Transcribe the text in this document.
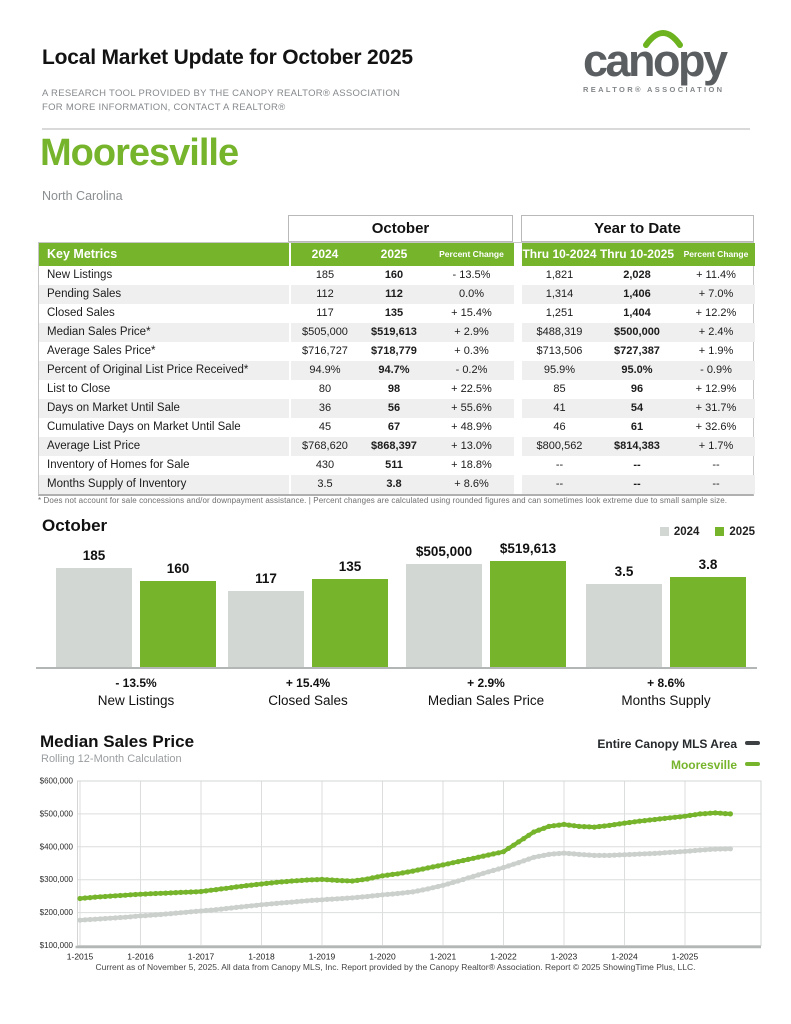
Local Market Update for October 2025
A RESEARCH TOOL PROVIDED BY THE CANOPY REALTOR® ASSOCIATION
FOR MORE INFORMATION, CONTACT A REALTOR®
canopy
REALTOR® ASSOCIATION
Mooresville
North Carolina
October	Year to Date
Key Metrics	2024	2025	Percent Change	Thru 10-2024 Thru 10-2025	Percent Change
New Listings	185	160	- 13.5%	1,821	2,028	+ 11.4%
Pending Sales	112	112	0.0%	1,314	1,406	+ 7.0%
Closed Sales	117	135	+ 15.4%	1,251	1,404	+ 12.2%
Median Sales Price*	$505,000	$519,613	+ 2.9%	$488,319	$500,000	+ 2.4%
Average Sales Price*	$716,727	$718,779	+ 0.3%	$713,506	$727,387	+ 1.9%
Percent of Original List Price Received*	94.9%	94.7%	- 0.2%	95.9%	95.0%	- 0.9%
List to Close	80	98	+ 22.5%	85	96	+ 12.9%
Days on Market Until Sale	36	56	+ 55.6%	41	54	+ 31.7%
Cumulative Days on Market Until Sale	45	67	+ 48.9%	46	61	+ 32.6%
Average List Price	$768,620	$868,397	+ 13.0%	$800,562	$814,383	+ 1.7%
Inventory of Homes for Sale	430	511	+ 18.8%	--	--	--
Months Supply of Inventory	3.5	3.8	+ 8.6%	--	--	--
* Does not account for sale concessions and/or downpayment assistance. | Percent changes are calculated using rounded figures and can sometimes look extreme due to small sample size.
October	2024	2025
185
160
- 13.5%
New Listings
117
135
+ 15.4%
Closed Sales
$505,000	$519,613
+ 2.9%
Median Sales Price
3.5	3.8
+ 8.6%
Months Supply
Median Sales Price
Rolling 12-Month Calculation
Entire Canopy MLS Area
Mooresville
$100,000
$200,000
$300,000
$400,000
$500,000
$600,000
1-2015	1-2016	1-2017	1-2018	1-2019	1-2020	1-2021	1-2022	1-2023	1-2024	1-2025
Current as of November 5, 2025. All data from Canopy MLS, Inc. Report provided by the Canopy Realtor® Association. Report © 2025 ShowingTime Plus, LLC.
